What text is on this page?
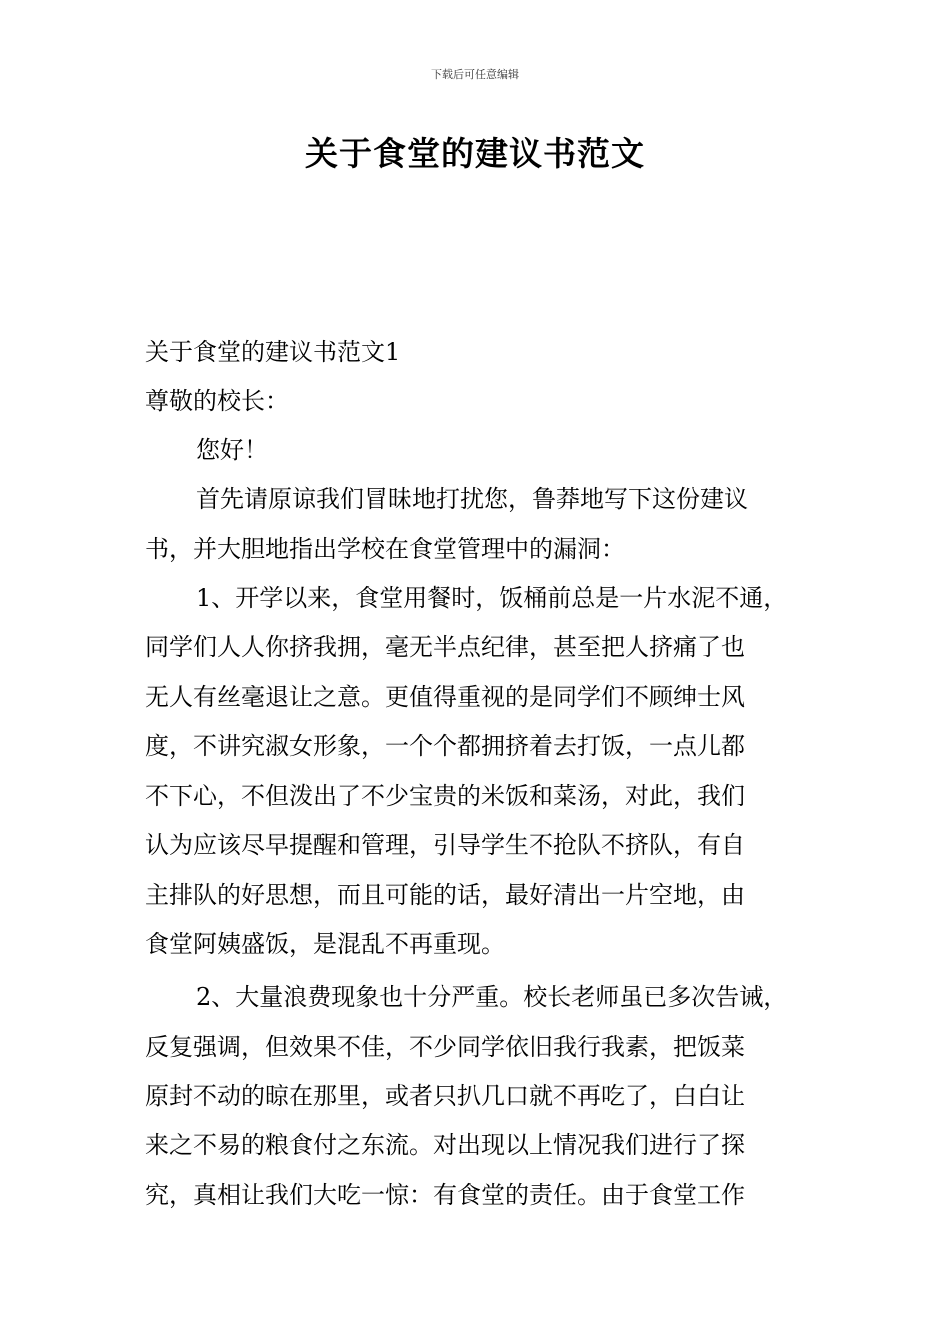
下载后可任意编辑
关于食堂的建议书范文
关于食堂的建议书范文1
尊敬的校长：
您好！
首先请原谅我们冒昧地打扰您，鲁莽地写下这份建议
书，并大胆地指出学校在食堂管理中的漏洞：
1、开学以来，食堂用餐时，饭桶前总是一片水泥不通，
同学们人人你挤我拥，毫无半点纪律，甚至把人挤痛了也
无人有丝毫退让之意。更值得重视的是同学们不顾绅士风
度，不讲究淑女形象，一个个都拥挤着去打饭，一点儿都
不下心，不但泼出了不少宝贵的米饭和菜汤，对此，我们
认为应该尽早提醒和管理，引导学生不抢队不挤队，有自
主排队的好思想，而且可能的话，最好清出一片空地，由
食堂阿姨盛饭，是混乱不再重现。
2、大量浪费现象也十分严重。校长老师虽已多次告诫，
反复强调，但效果不佳，不少同学依旧我行我素，把饭菜
原封不动的晾在那里，或者只扒几口就不再吃了，白白让
来之不易的粮食付之东流。对出现以上情况我们进行了探
究，真相让我们大吃一惊：有食堂的责任。由于食堂工作
